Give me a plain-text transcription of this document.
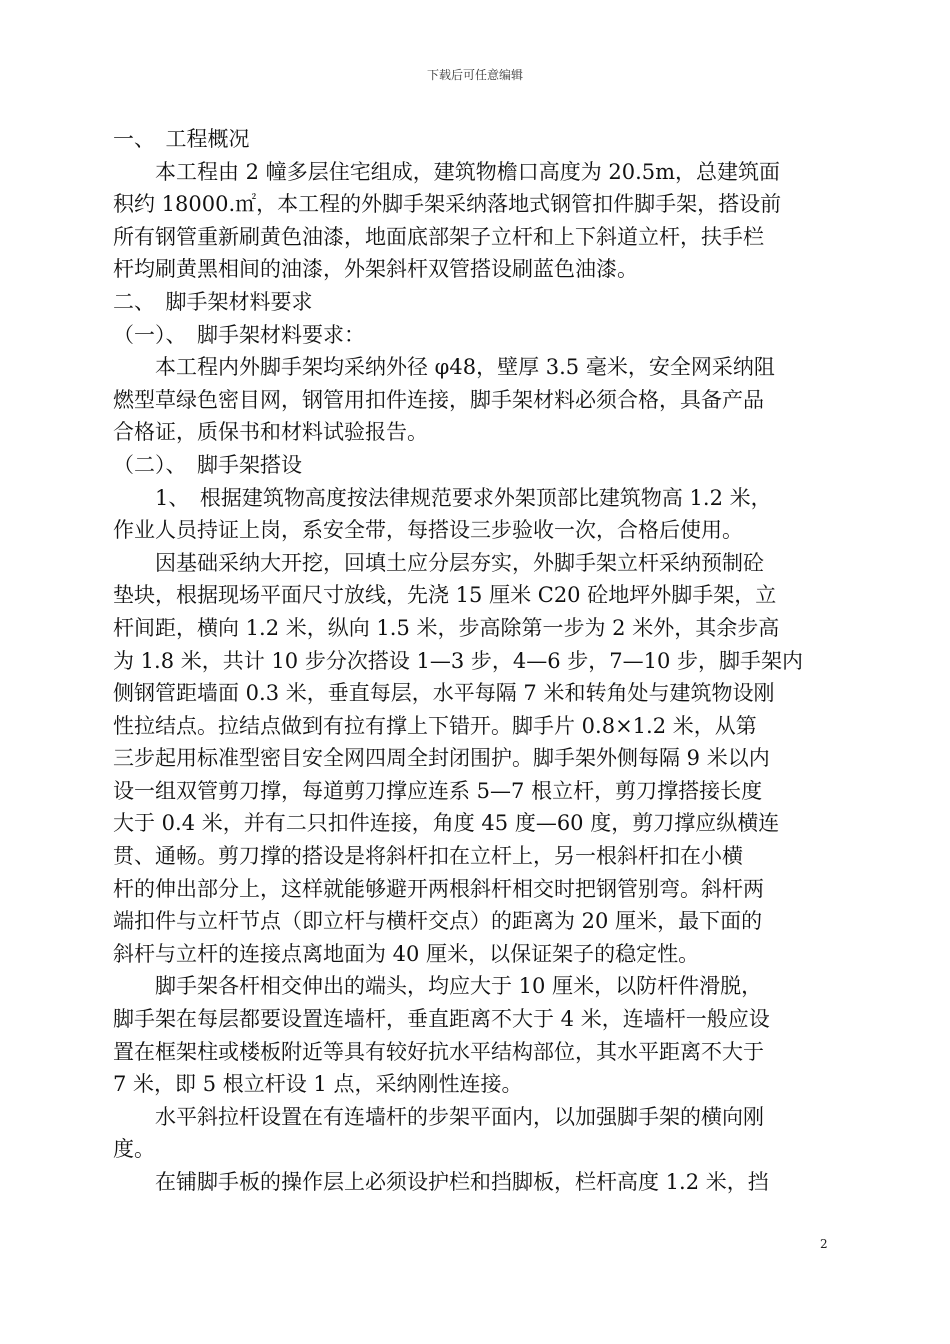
下载后可任意编辑
一、　工程概况
　　本工程由 2 幢多层住宅组成，建筑物檐口高度为 20.5m，总建筑面
积约 18000.㎡，本工程的外脚手架采纳落地式钢管扣件脚手架，搭设前
所有钢管重新刷黄色油漆，地面底部架子立杆和上下斜道立杆，扶手栏
杆均刷黄黑相间的油漆，外架斜杆双管搭设刷蓝色油漆。
二、　脚手架材料要求
（一）、　脚手架材料要求：
　　本工程内外脚手架均采纳外径 φ48，壁厚 3.5 毫米，安全网采纳阻
燃型草绿色密目网，钢管用扣件连接，脚手架材料必须合格，具备产品
合格证，质保书和材料试验报告。
（二）、　脚手架搭设
　　1、　根据建筑物高度按法律规范要求外架顶部比建筑物高 1.2 米，
作业人员持证上岗，系安全带，每搭设三步验收一次，合格后使用。
　　因基础采纳大开挖，回填土应分层夯实，外脚手架立杆采纳预制砼
垫块，根据现场平面尺寸放线，先浇 15 厘米 C20 砼地坪外脚手架，立
杆间距，横向 1.2 米，纵向 1.5 米，步高除第一步为 2 米外，其余步高
为 1.8 米，共计 10 步分次搭设 1—3 步，4—6 步，7—10 步，脚手架内
侧钢管距墙面 0.3 米，垂直每层，水平每隔 7 米和转角处与建筑物设刚
性拉结点。拉结点做到有拉有撑上下错开。脚手片 0.8×1.2 米，从第
三步起用标准型密目安全网四周全封闭围护。脚手架外侧每隔 9 米以内
设一组双管剪刀撑，每道剪刀撑应连系 5—7 根立杆，剪刀撑搭接长度
大于 0.4 米，并有二只扣件连接，角度 45 度—60 度，剪刀撑应纵横连
贯、通畅。剪刀撑的搭设是将斜杆扣在立杆上，另一根斜杆扣在小横
杆的伸出部分上，这样就能够避开两根斜杆相交时把钢管别弯。斜杆两
端扣件与立杆节点（即立杆与横杆交点）的距离为 20 厘米，最下面的
斜杆与立杆的连接点离地面为 40 厘米，以保证架子的稳定性。
　　脚手架各杆相交伸出的端头，均应大于 10 厘米，以防杆件滑脱，
脚手架在每层都要设置连墙杆，垂直距离不大于 4 米，连墙杆一般应设
置在框架柱或楼板附近等具有较好抗水平结构部位，其水平距离不大于
7 米，即 5 根立杆设 1 点，采纳刚性连接。
　　水平斜拉杆设置在有连墙杆的步架平面内，以加强脚手架的横向刚
度。
　　在铺脚手板的操作层上必须设护栏和挡脚板，栏杆高度 1.2 米，挡
2
